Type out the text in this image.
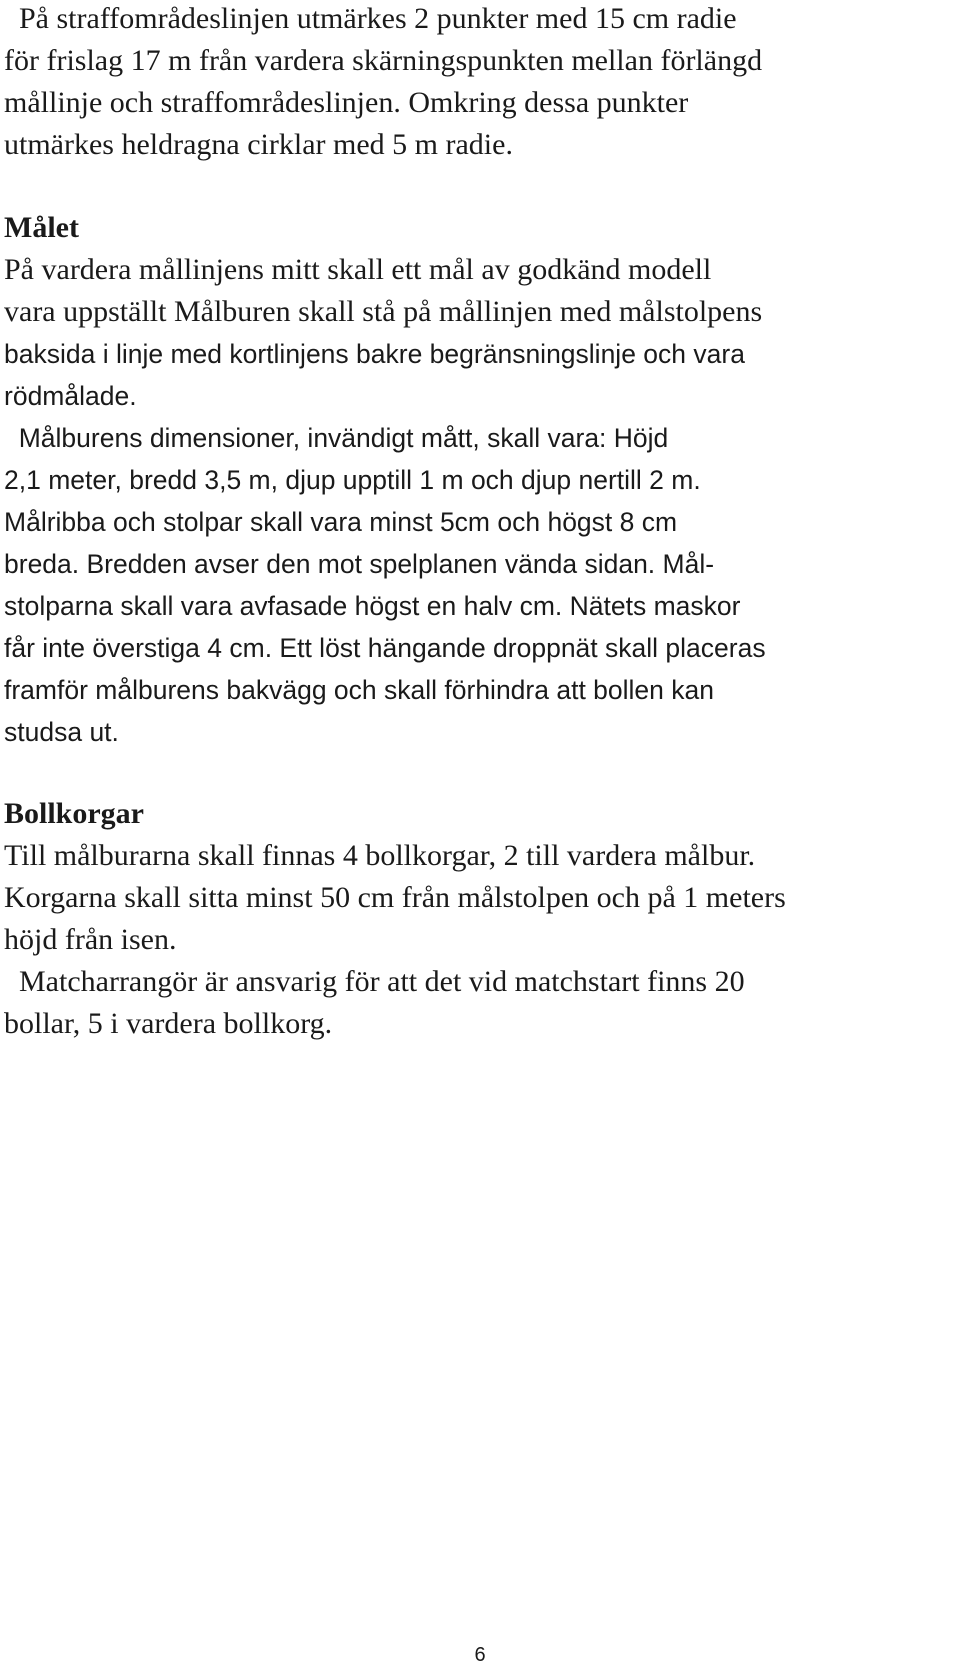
På straffområdeslinjen utmärkes 2 punkter med 15 cm radie

för frislag 17 m från vardera skärningspunkten mellan förlängd

mållinje och straffområdeslinjen. Omkring dessa punkter

utmärkes heldragna cirklar med 5 m radie.

Målet

På vardera mållinjens mitt skall ett mål av godkänd modell

vara uppställt Målburen skall stå på mållinjen med målstolpens

baksida i linje med kortlinjens bakre begränsningslinje och vara

rödmålade.

Målburens dimensioner, invändigt mått, skall vara: Höjd

2,1 meter, bredd 3,5 m, djup upptill 1 m och djup nertill 2 m.

Målribba och stolpar skall vara minst 5cm och högst 8 cm

breda. Bredden avser den mot spelplanen vända sidan. Mål-

stolparna skall vara avfasade högst en halv cm. Nätets maskor

får inte överstiga 4 cm. Ett löst hängande droppnät skall placeras

framför målburens bakvägg och skall förhindra att bollen kan

studsa ut.

Bollkorgar

Till målburarna skall finnas 4 bollkorgar, 2 till vardera målbur.

Korgarna skall sitta minst 50 cm från målstolpen och på 1 meters

höjd från isen.

Matcharrangör är ansvarig för att det vid matchstart finns 20

bollar, 5 i vardera bollkorg.

6
